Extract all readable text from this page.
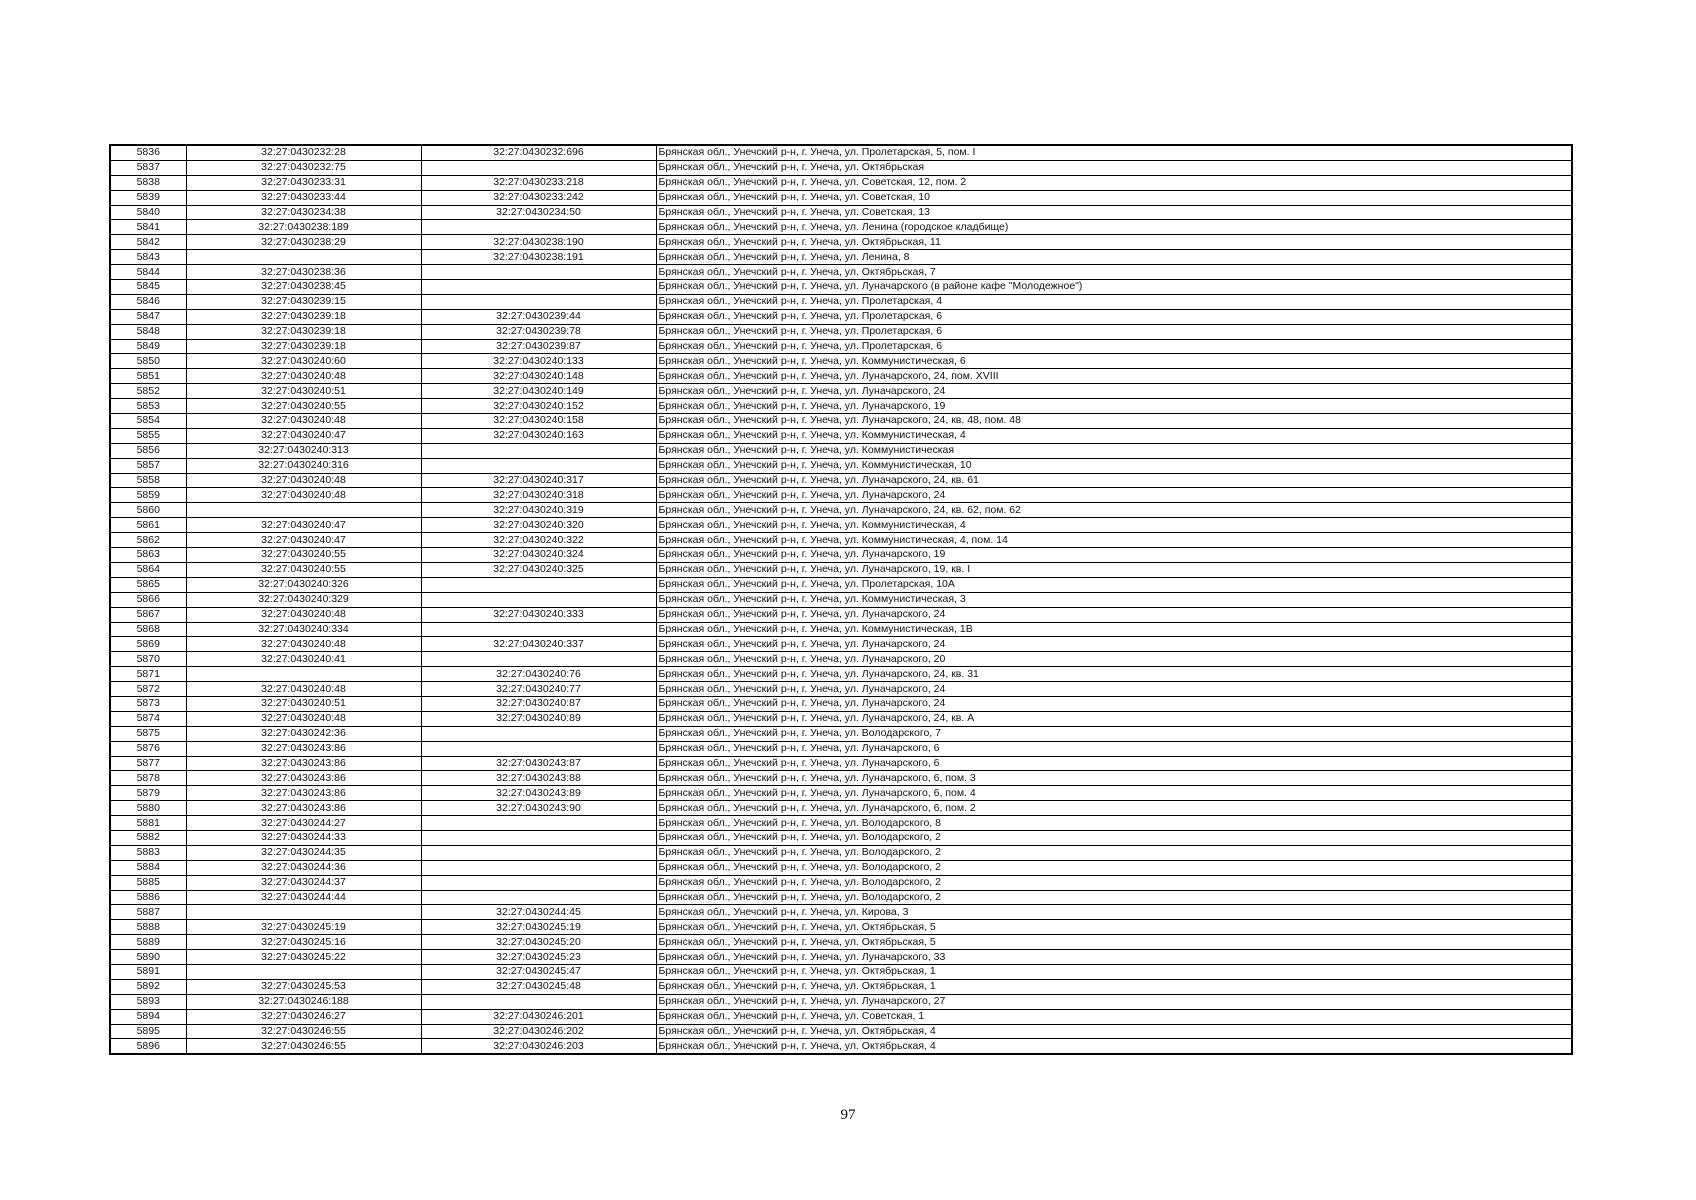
5836	32:27:0430232:28	32:27:0430232:696	Брянская обл., Унечский р-н, г. Унеча, ул. Пролетарская, 5, пом. I
5837	32:27:0430232:75		Брянская обл., Унечский р-н, г. Унеча, ул. Октябрьская
5838	32:27:0430233:31	32:27:0430233:218	Брянская обл., Унечский р-н, г. Унеча, ул. Советская, 12, пом. 2
5839	32:27:0430233:44	32:27:0430233:242	Брянская обл., Унечский р-н, г. Унеча, ул. Советская, 10
5840	32:27:0430234:38	32:27:0430234:50	Брянская обл., Унечский р-н, г. Унеча, ул. Советская, 13
5841	32:27:0430238:189		Брянская обл., Унечский р-н, г. Унеча, ул. Ленина (городское кладбище)
5842	32:27:0430238:29	32:27:0430238:190	Брянская обл., Унечский р-н, г. Унеча, ул. Октябрьская, 11
5843		32:27:0430238:191	Брянская обл., Унечский р-н, г. Унеча, ул. Ленина, 8
5844	32:27:0430238:36		Брянская обл., Унечский р-н, г. Унеча, ул. Октябрьская, 7
5845	32:27:0430238:45		Брянская обл., Унечский р-н, г. Унеча, ул. Луначарского (в районе кафе "Молодежное")
5846	32:27:0430239:15		Брянская обл., Унечский р-н, г. Унеча, ул. Пролетарская, 4
5847	32:27:0430239:18	32:27:0430239:44	Брянская обл., Унечский р-н, г. Унеча, ул. Пролетарская, 6
5848	32:27:0430239:18	32:27:0430239:78	Брянская обл., Унечский р-н, г. Унеча, ул. Пролетарская, 6
5849	32:27:0430239:18	32:27:0430239:87	Брянская обл., Унечский р-н, г. Унеча, ул. Пролетарская, 6
5850	32:27:0430240:60	32:27:0430240:133	Брянская обл., Унечский р-н, г. Унеча, ул. Коммунистическая, 6
5851	32:27:0430240:48	32:27:0430240:148	Брянская обл., Унечский р-н, г. Унеча, ул. Луначарского, 24, пом. XVIII
5852	32:27:0430240:51	32:27:0430240:149	Брянская обл., Унечский р-н, г. Унеча, ул. Луначарского, 24
5853	32:27:0430240:55	32:27:0430240:152	Брянская обл., Унечский р-н, г. Унеча, ул. Луначарского, 19
5854	32:27:0430240:48	32:27:0430240:158	Брянская обл., Унечский р-н, г. Унеча, ул. Луначарского, 24, кв. 48, пом. 48
5855	32:27:0430240:47	32:27:0430240:163	Брянская обл., Унечский р-н, г. Унеча, ул. Коммунистическая, 4
5856	32:27:0430240:313		Брянская обл., Унечский р-н, г. Унеча, ул. Коммунистическая
5857	32:27:0430240:316		Брянская обл., Унечский р-н, г. Унеча, ул. Коммунистическая, 10
5858	32:27:0430240:48	32:27:0430240:317	Брянская обл., Унечский р-н, г. Унеча, ул. Луначарского, 24, кв. 61
5859	32:27:0430240:48	32:27:0430240:318	Брянская обл., Унечский р-н, г. Унеча, ул. Луначарского, 24
5860		32:27:0430240:319	Брянская обл., Унечский р-н, г. Унеча, ул. Луначарского, 24, кв. 62, пом. 62
5861	32:27:0430240:47	32:27:0430240:320	Брянская обл., Унечский р-н, г. Унеча, ул. Коммунистическая, 4
5862	32:27:0430240:47	32:27:0430240:322	Брянская обл., Унечский р-н, г. Унеча, ул. Коммунистическая, 4, пом. 14
5863	32:27:0430240:55	32:27:0430240:324	Брянская обл., Унечский р-н, г. Унеча, ул. Луначарского, 19
5864	32:27:0430240:55	32:27:0430240:325	Брянская обл., Унечский р-н, г. Унеча, ул. Луначарского, 19, кв. I
5865	32:27:0430240:326		Брянская обл., Унечский р-н, г. Унеча, ул. Пролетарская, 10А
5866	32:27:0430240:329		Брянская обл., Унечский р-н, г. Унеча, ул. Коммунистическая, 3
5867	32:27:0430240:48	32:27:0430240:333	Брянская обл., Унечский р-н, г. Унеча, ул. Луначарского, 24
5868	32:27:0430240:334		Брянская обл., Унечский р-н, г. Унеча, ул. Коммунистическая, 1В
5869	32:27:0430240:48	32:27:0430240:337	Брянская обл., Унечский р-н, г. Унеча, ул. Луначарского, 24
5870	32:27:0430240:41		Брянская обл., Унечский р-н, г. Унеча, ул. Луначарского, 20
5871		32:27:0430240:76	Брянская обл., Унечский р-н, г. Унеча, ул. Луначарского, 24, кв. 31
5872	32:27:0430240:48	32:27:0430240:77	Брянская обл., Унечский р-н, г. Унеча, ул. Луначарского, 24
5873	32:27:0430240:51	32:27:0430240:87	Брянская обл., Унечский р-н, г. Унеча, ул. Луначарского, 24
5874	32:27:0430240:48	32:27:0430240:89	Брянская обл., Унечский р-н, г. Унеча, ул. Луначарского, 24, кв. А
5875	32:27:0430242:36		Брянская обл., Унечский р-н, г. Унеча, ул. Володарского, 7
5876	32:27:0430243:86		Брянская обл., Унечский р-н, г. Унеча, ул. Луначарского, 6
5877	32:27:0430243:86	32:27:0430243:87	Брянская обл., Унечский р-н, г. Унеча, ул. Луначарского, 6
5878	32:27:0430243:86	32:27:0430243:88	Брянская обл., Унечский р-н, г. Унеча, ул. Луначарского, 6, пом. 3
5879	32:27:0430243:86	32:27:0430243:89	Брянская обл., Унечский р-н, г. Унеча, ул. Луначарского, 6, пом. 4
5880	32:27:0430243:86	32:27:0430243:90	Брянская обл., Унечский р-н, г. Унеча, ул. Луначарского, 6, пом. 2
5881	32:27:0430244:27		Брянская обл., Унечский р-н, г. Унеча, ул. Володарского, 8
5882	32:27:0430244:33		Брянская обл., Унечский р-н, г. Унеча, ул. Володарского, 2
5883	32:27:0430244:35		Брянская обл., Унечский р-н, г. Унеча, ул. Володарского, 2
5884	32:27:0430244:36		Брянская обл., Унечский р-н, г. Унеча, ул. Володарского, 2
5885	32:27:0430244:37		Брянская обл., Унечский р-н, г. Унеча, ул. Володарского, 2
5886	32:27:0430244:44		Брянская обл., Унечский р-н, г. Унеча, ул. Володарского, 2
5887		32:27:0430244:45	Брянская обл., Унечский р-н, г. Унеча, ул. Кирова, 3
5888	32:27:0430245:19	32:27:0430245:19	Брянская обл., Унечский р-н, г. Унеча, ул. Октябрьская, 5
5889	32:27:0430245:16	32:27:0430245:20	Брянская обл., Унечский р-н, г. Унеча, ул. Октябрьская, 5
5890	32:27:0430245:22	32:27:0430245:23	Брянская обл., Унечский р-н, г. Унеча, ул. Луначарского, 33
5891		32:27:0430245:47	Брянская обл., Унечский р-н, г. Унеча, ул. Октябрьская, 1
5892	32:27:0430245:53	32:27:0430245:48	Брянская обл., Унечский р-н, г. Унеча, ул. Октябрьская, 1
5893	32:27:0430246:188		Брянская обл., Унечский р-н, г. Унеча, ул. Луначарского, 27
5894	32:27:0430246:27	32:27:0430246:201	Брянская обл., Унечский р-н, г. Унеча, ул. Советская, 1
5895	32:27:0430246:55	32:27:0430246:202	Брянская обл., Унечский р-н, г. Унеча, ул. Октябрьская, 4
5896	32:27:0430246:55	32:27:0430246:203	Брянская обл., Унечский р-н, г. Унеча, ул. Октябрьская, 4
97
